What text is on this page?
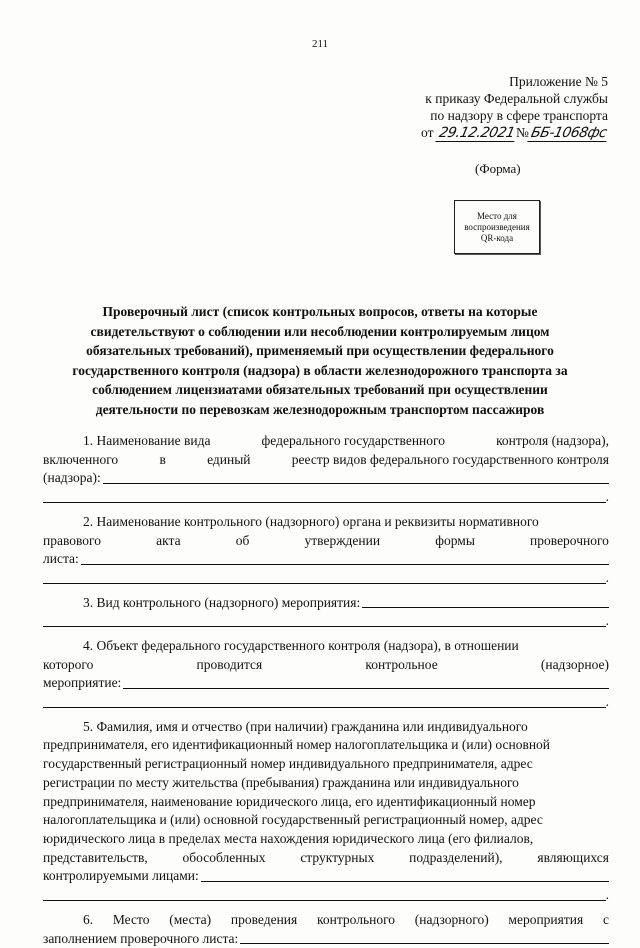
211
Приложение № 5
к приказу Федеральной службы
по надзору в сфере транспорта
от 29.12.2021№ББ-1068фс
(Форма)
Место для
воспроизведения
QR-кода
Проверочный лист (список контрольных вопросов, ответы на которые
свидетельствуют о соблюдении или несоблюдении контролируемым лицом
обязательных требований), применяемый при осуществлении федерального
государственного контроля (надзора) в области железнодорожного транспорта за
соблюдением лицензиатами обязательных требований при осуществлении
деятельности по перевозкам железнодорожным транспортом пассажиров
1. Наименование вида	федерального государственного	контроля (надзора),
включенного	в	единый	реестр видов федерального государственного контроля
(надзора):
.
2. Наименование контрольного (надзорного) органа и реквизиты нормативного
правового	акта	об	утверждении	формы	проверочного
листа:
.
3. Вид контрольного (надзорного) мероприятия:
.
4. Объект федерального государственного контроля (надзора), в отношении
которого	проводится	контрольное	(надзорное)
мероприятие:
.
5. Фамилия, имя и отчество (при наличии) гражданина или индивидуального
предпринимателя, его идентификационный номер налогоплательщика и (или) основной
государственный регистрационный номер индивидуального предпринимателя, адрес
регистрации по месту жительства (пребывания) гражданина или индивидуального
предпринимателя, наименование юридического лица, его идентификационный номер
налогоплательщика и (или) основной государственный регистрационный номер, адрес
юридического лица в пределах места нахождения юридического лица (его филиалов,
представительств,	обособленных	структурных	подразделений),	являющихся
контролируемыми лицами:
.
6. Место (места) проведения контрольного (надзорного) мероприятия с
заполнением проверочного листа:
